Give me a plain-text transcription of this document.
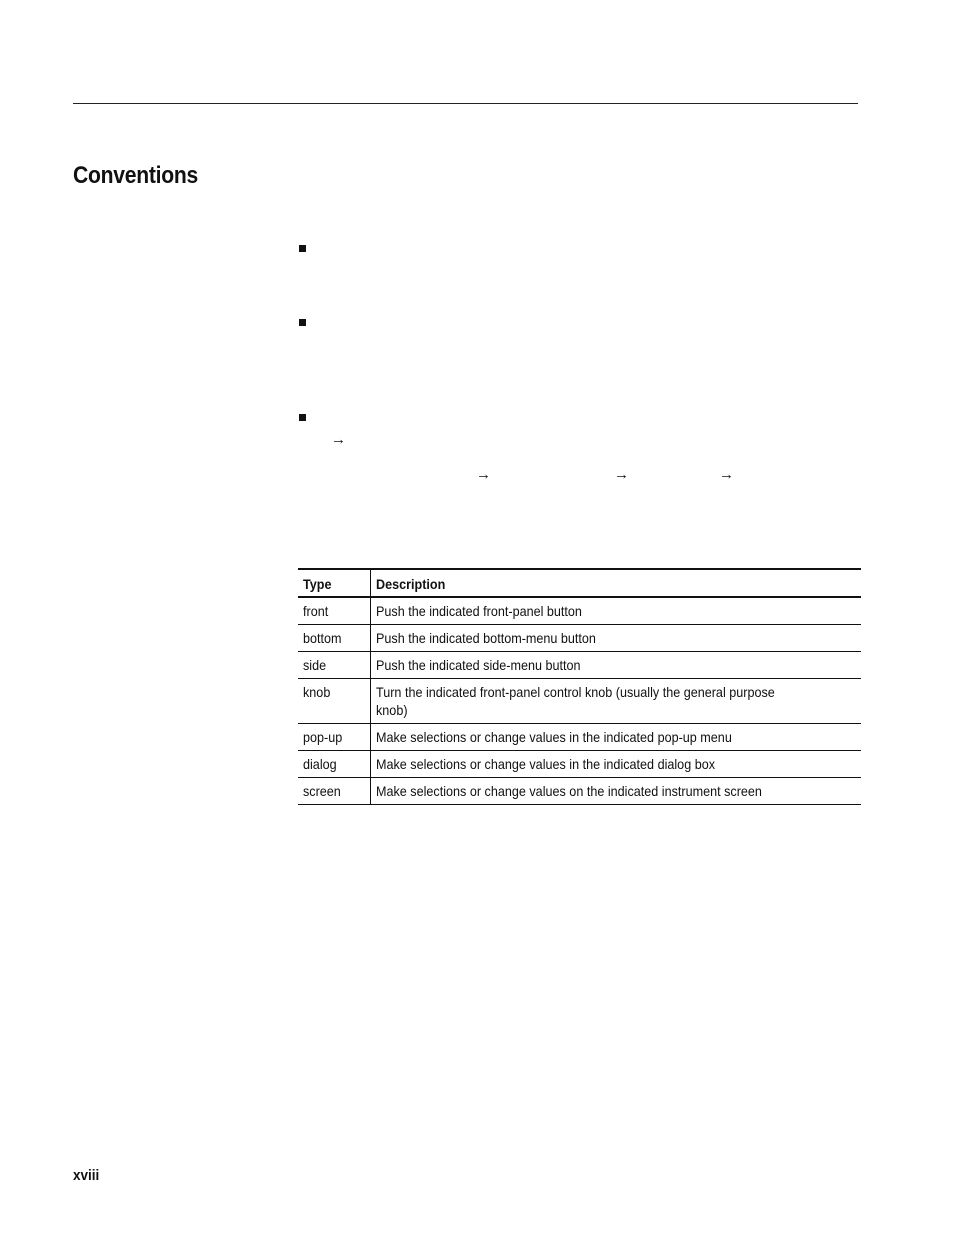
Conventions
→
→	→	→
Type	Description
front	Push the indicated front-panel button
bottom	Push the indicated bottom-menu button
side	Push the indicated side-menu button
knob	Turn the indicated front-panel control knob (usually the general purpose knob)

pop-up	Make selections or change values in the indicated pop-up menu
dialog	Make selections or change values in the indicated dialog box
screen	Make selections or change values on the indicated instrument screen
xviii
